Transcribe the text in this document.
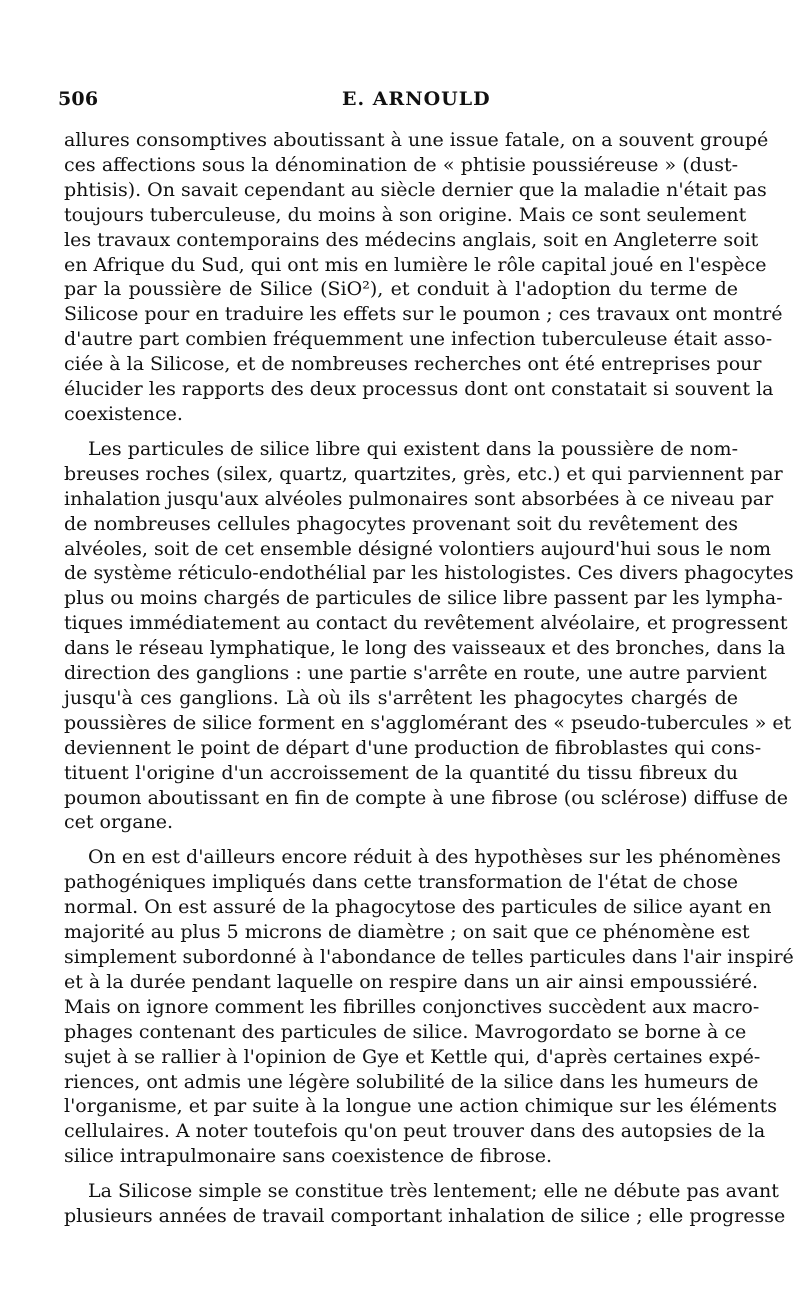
506	E. ARNOULD
allures consomptives aboutissant à une issue fatale, on a souvent groupé
ces affections sous la dénomination de « phtisie poussiéreuse » (dust-
phtisis). On savait cependant au siècle dernier que la maladie n'était pas
toujours tuberculeuse, du moins à son origine. Mais ce sont seulement
les travaux contemporains des médecins anglais, soit en Angleterre soit
en Afrique du Sud, qui ont mis en lumière le rôle capital joué en l'espèce
par la poussière de Silice (SiO²), et conduit à l'adoption du terme de
Silicose pour en traduire les effets sur le poumon ; ces travaux ont montré
d'autre part combien fréquemment une infection tuberculeuse était asso-
ciée à la Silicose, et de nombreuses recherches ont été entreprises pour
élucider les rapports des deux processus dont ont constatait si souvent la
coexistence.
Les particules de silice libre qui existent dans la poussière de nom-
breuses roches (silex, quartz, quartzites, grès, etc.) et qui parviennent par
inhalation jusqu'aux alvéoles pulmonaires sont absorbées à ce niveau par
de nombreuses cellules phagocytes provenant soit du revêtement des
alvéoles, soit de cet ensemble désigné volontiers aujourd'hui sous le nom
de système réticulo-endothélial par les histologistes. Ces divers phagocytes
plus ou moins chargés de particules de silice libre passent par les lympha-
tiques immédiatement au contact du revêtement alvéolaire, et progressent
dans le réseau lymphatique, le long des vaisseaux et des bronches, dans la
direction des ganglions : une partie s'arrête en route, une autre parvient
jusqu'à ces ganglions. Là où ils s'arrêtent les phagocytes chargés de
poussières de silice forment en s'agglomérant des « pseudo-tubercules » et
deviennent le point de départ d'une production de fibroblastes qui cons-
tituent l'origine d'un accroissement de la quantité du tissu fibreux du
poumon aboutissant en fin de compte à une fibrose (ou sclérose) diffuse de
cet organe.
On en est d'ailleurs encore réduit à des hypothèses sur les phénomènes
pathogéniques impliqués dans cette transformation de l'état de chose
normal. On est assuré de la phagocytose des particules de silice ayant en
majorité au plus 5 microns de diamètre ; on sait que ce phénomène est
simplement subordonné à l'abondance de telles particules dans l'air inspiré
et à la durée pendant laquelle on respire dans un air ainsi empoussiéré.
Mais on ignore comment les fibrilles conjonctives succèdent aux macro-
phages contenant des particules de silice. Mavrogordato se borne à ce
sujet à se rallier à l'opinion de Gye et Kettle qui, d'après certaines expé-
riences, ont admis une légère solubilité de la silice dans les humeurs de
l'organisme, et par suite à la longue une action chimique sur les éléments
cellulaires. A noter toutefois qu'on peut trouver dans des autopsies de la
silice intrapulmonaire sans coexistence de fibrose.
La Silicose simple se constitue très lentement; elle ne débute pas avant
plusieurs années de travail comportant inhalation de silice ; elle progresse
